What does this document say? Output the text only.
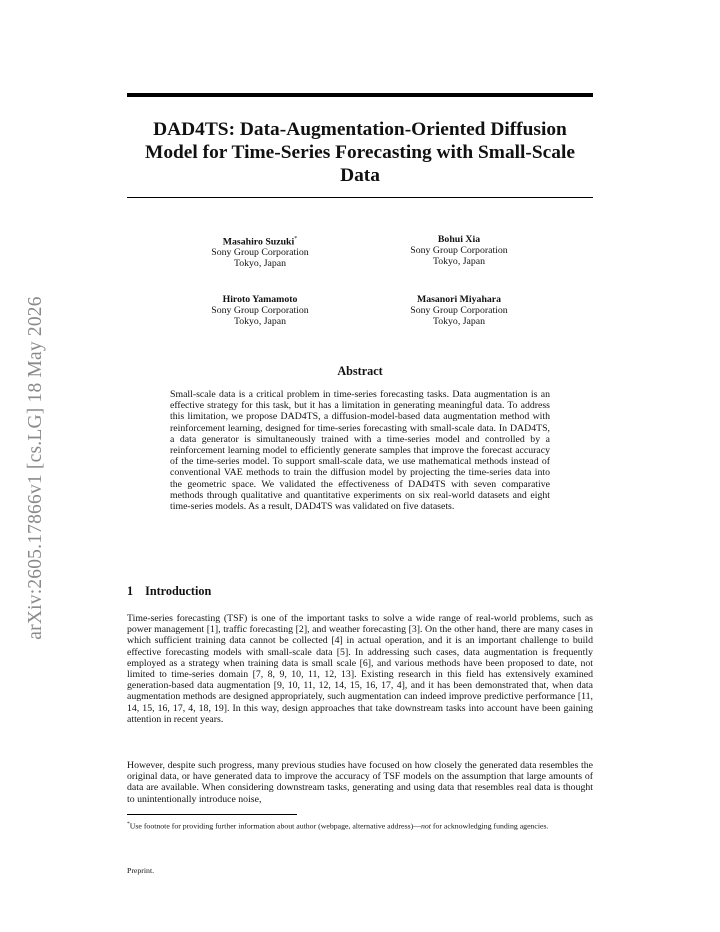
arXiv:2605.17866v1 [cs.LG] 18 May 2026
DAD4TS: Data-Augmentation-Oriented Diffusion Model for Time-Series Forecasting with Small-Scale Data
Masahiro Suzuki*
Sony Group Corporation
Tokyo, Japan
Bohui Xia
Sony Group Corporation
Tokyo, Japan
Hiroto Yamamoto
Sony Group Corporation
Tokyo, Japan
Masanori Miyahara
Sony Group Corporation
Tokyo, Japan
Abstract

Small-scale data is a critical problem in time-series forecasting tasks. Data augmentation is an effective strategy for this task, but it has a limitation in generating meaningful data. To address this limitation, we propose DAD4TS, a diffusion-model-based data augmentation method with reinforcement learning, designed for time-series forecasting with small-scale data. In DAD4TS, a data generator is simultaneously trained with a time-series model and controlled by a reinforcement learning model to efficiently generate samples that improve the forecast accuracy of the time-series model. To support small-scale data, we use mathematical methods instead of conventional VAE methods to train the diffusion model by projecting the time-series data into the geometric space. We validated the effectiveness of DAD4TS with seven comparative methods through qualitative and quantitative experiments on six real-world datasets and eight time-series models. As a result, DAD4TS was validated on five datasets.

1 Introduction

Time-series forecasting (TSF) is one of the important tasks to solve a wide range of real-world problems, such as power management [1], traffic forecasting [2], and weather forecasting [3]. On the other hand, there are many cases in which sufficient training data cannot be collected [4] in actual operation, and it is an important challenge to build effective forecasting models with small-scale data [5]. In addressing such cases, data augmentation is frequently employed as a strategy when training data is small scale [6], and various methods have been proposed to date, not limited to time-series domain [7, 8, 9, 10, 11, 12, 13]. Existing research in this field has extensively examined generation-based data augmentation [9, 10, 11, 12, 14, 15, 16, 17, 4], and it has been demonstrated that, when data augmentation methods are designed appropriately, such augmentation can indeed improve predictive performance [11, 14, 15, 16, 17, 4, 18, 19]. In this way, design approaches that take downstream tasks into account have been gaining attention in recent years.

However, despite such progress, many previous studies have focused on how closely the generated data resembles the original data, or have generated data to improve the accuracy of TSF models on the assumption that large amounts of data are available. When considering downstream tasks, generating and using data that resembles real data is thought to unintentionally introduce noise,

*Use footnote for providing further information about author (webpage, alternative address)—not for acknowledging funding agencies.

Preprint.
